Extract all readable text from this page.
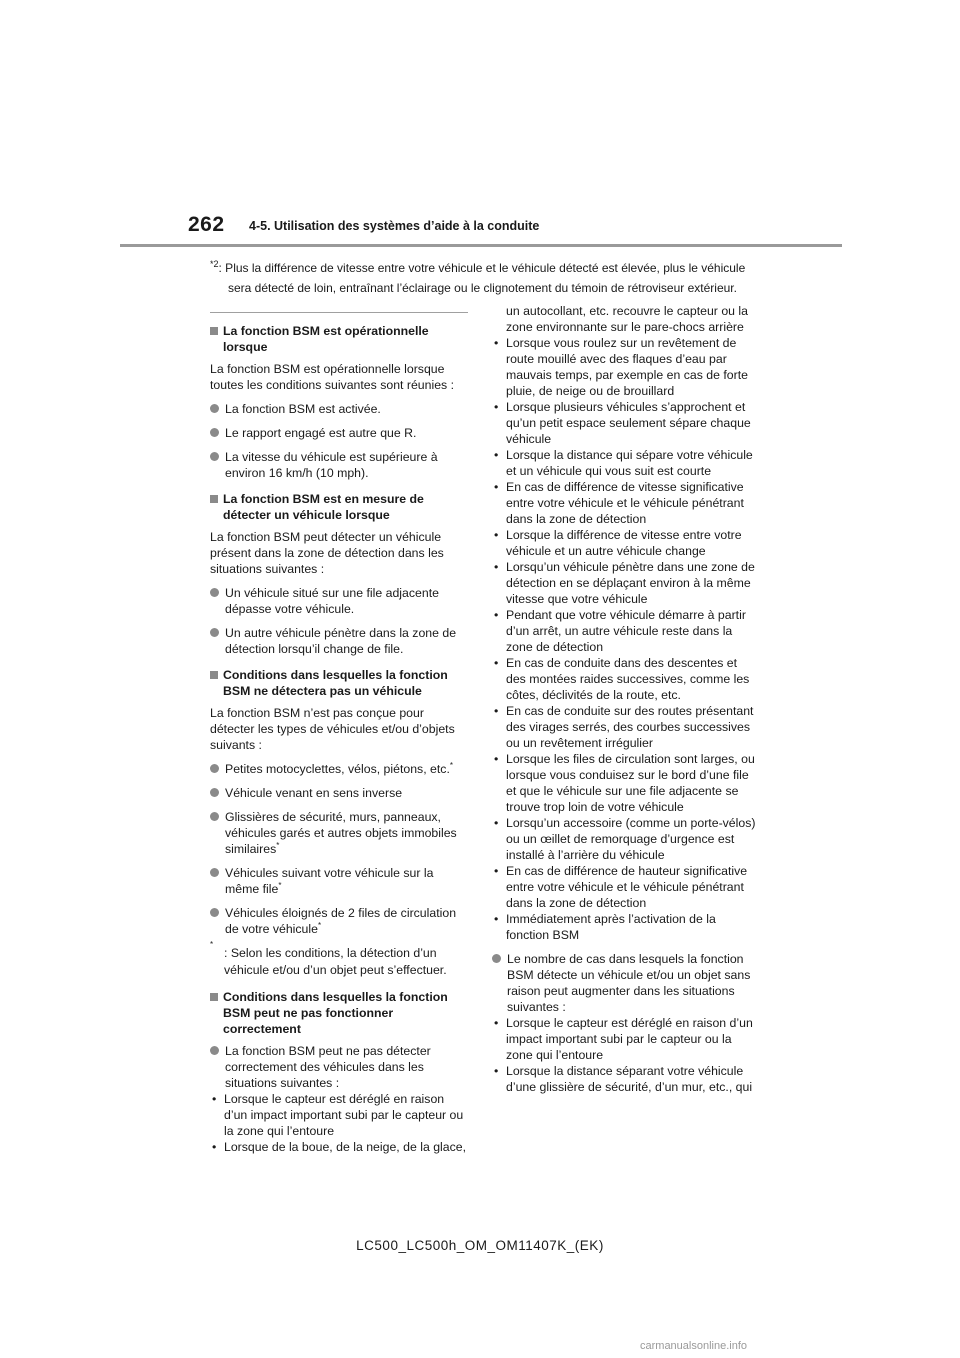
262 4-5. Utilisation des systèmes d’aide à la conduite
$^{*2}$: Plus la différence de vitesse entre votre véhicule et le véhicule détecté est élevée, plus le véhicule
sera détecté de loin, entraînant l’éclairage ou le clignotement du témoin de rétroviseur extérieur.
La fonction BSM est opérationnelle lorsque
La fonction BSM est opérationnelle lorsque toutes les conditions suivantes sont réunies :
La fonction BSM est activée.
Le rapport engagé est autre que R.
La vitesse du véhicule est supérieure à environ 16 km/h (10 mph).
La fonction BSM est en mesure de détecter un véhicule lorsque
La fonction BSM peut détecter un véhicule présent dans la zone de détection dans les situations suivantes :
Un véhicule situé sur une file adjacente dépasse votre véhicule.
Un autre véhicule pénètre dans la zone de détection lorsqu’il change de file.
Conditions dans lesquelles la fonction BSM ne détectera pas un véhicule
La fonction BSM n’est pas conçue pour détecter les types de véhicules et/ou d’objets suivants :
Petites motocyclettes, vélos, piétons, etc.*
Véhicule venant en sens inverse
Glissières de sécurité, murs, panneaux, véhicules garés et autres objets immobiles similaires*
Véhicules suivant votre véhicule sur la même file*
Véhicules éloignés de 2 files de circulation de votre véhicule*
*
: Selon les conditions, la détection d’un véhicule et/ou d’un objet peut s’effectuer.
Conditions dans lesquelles la fonction BSM peut ne pas fonctionner correctement
La fonction BSM peut ne pas détecter correctement des véhicules dans les situations suivantes :
• Lorsque le capteur est déréglé en raison d’un impact important subi par le capteur ou la zone qui l’entoure
• Lorsque de la boue, de la neige, de la glace,
un autocollant, etc. recouvre le capteur ou la zone environnante sur le pare-chocs arrière
• Lorsque vous roulez sur un revêtement de route mouillé avec des flaques d’eau par mauvais temps, par exemple en cas de forte pluie, de neige ou de brouillard
• Lorsque plusieurs véhicules s’approchent et qu’un petit espace seulement sépare chaque véhicule
• Lorsque la distance qui sépare votre véhicule et un véhicule qui vous suit est courte
• En cas de différence de vitesse significative entre votre véhicule et le véhicule pénétrant dans la zone de détection
• Lorsque la différence de vitesse entre votre véhicule et un autre véhicule change
• Lorsqu’un véhicule pénètre dans une zone de détection en se déplaçant environ à la même vitesse que votre véhicule
• Pendant que votre véhicule démarre à partir d’un arrêt, un autre véhicule reste dans la zone de détection
• En cas de conduite dans des descentes et des montées raides successives, comme les côtes, déclivités de la route, etc.
• En cas de conduite sur des routes présentant des virages serrés, des courbes successives ou un revêtement irrégulier
• Lorsque les files de circulation sont larges, ou lorsque vous conduisez sur le bord d’une file et que le véhicule sur une file adjacente se trouve trop loin de votre véhicule
• Lorsqu’un accessoire (comme un porte-vélos) ou un œillet de remorquage d’urgence est installé à l’arrière du véhicule
• En cas de différence de hauteur significative entre votre véhicule et le véhicule pénétrant dans la zone de détection
• Immédiatement après l’activation de la fonction BSM
Le nombre de cas dans lesquels la fonction BSM détecte un véhicule et/ou un objet sans raison peut augmenter dans les situations suivantes :
• Lorsque le capteur est déréglé en raison d’un impact important subi par le capteur ou la zone qui l’entoure
• Lorsque la distance séparant votre véhicule d’une glissière de sécurité, d’un mur, etc., qui
LC500_LC500h_OM_OM11407K_(EK)
carmanualsonline.info
